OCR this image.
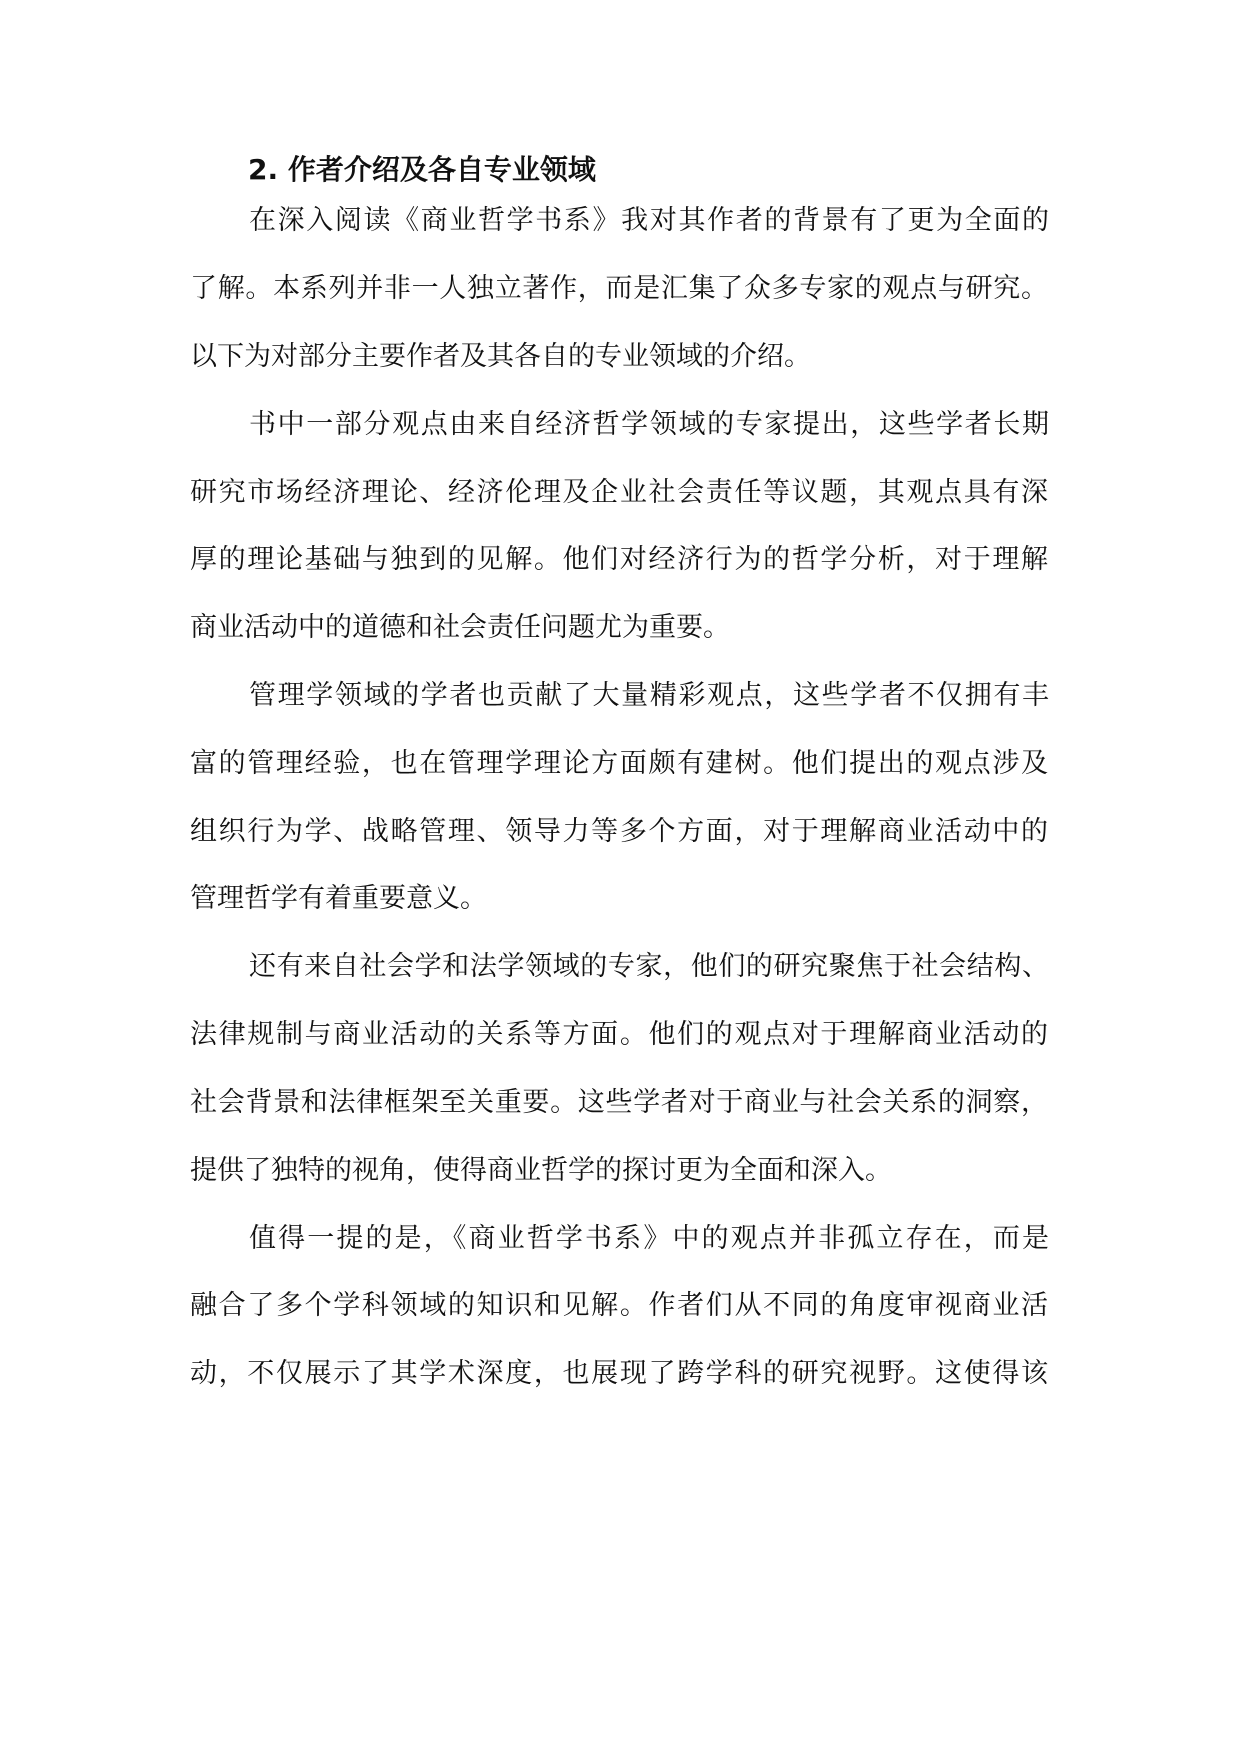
2. 作者介绍及各自专业领域
在深入阅读《商业哲学书系》我对其作者的背景有了更为全面的
了解。本系列并非一人独立著作，而是汇集了众多专家的观点与研究。
以下为对部分主要作者及其各自的专业领域的介绍。
书中一部分观点由来自经济哲学领域的专家提出，这些学者长期
研究市场经济理论、经济伦理及企业社会责任等议题，其观点具有深
厚的理论基础与独到的见解。他们对经济行为的哲学分析，对于理解
商业活动中的道德和社会责任问题尤为重要。
管理学领域的学者也贡献了大量精彩观点，这些学者不仅拥有丰
富的管理经验，也在管理学理论方面颇有建树。他们提出的观点涉及
组织行为学、战略管理、领导力等多个方面，对于理解商业活动中的
管理哲学有着重要意义。
还有来自社会学和法学领域的专家，他们的研究聚焦于社会结构、
法律规制与商业活动的关系等方面。他们的观点对于理解商业活动的
社会背景和法律框架至关重要。这些学者对于商业与社会关系的洞察，
提供了独特的视角，使得商业哲学的探讨更为全面和深入。
值得一提的是，《商业哲学书系》中的观点并非孤立存在，而是
融合了多个学科领域的知识和见解。作者们从不同的角度审视商业活
动，不仅展示了其学术深度，也展现了跨学科的研究视野。这使得该
